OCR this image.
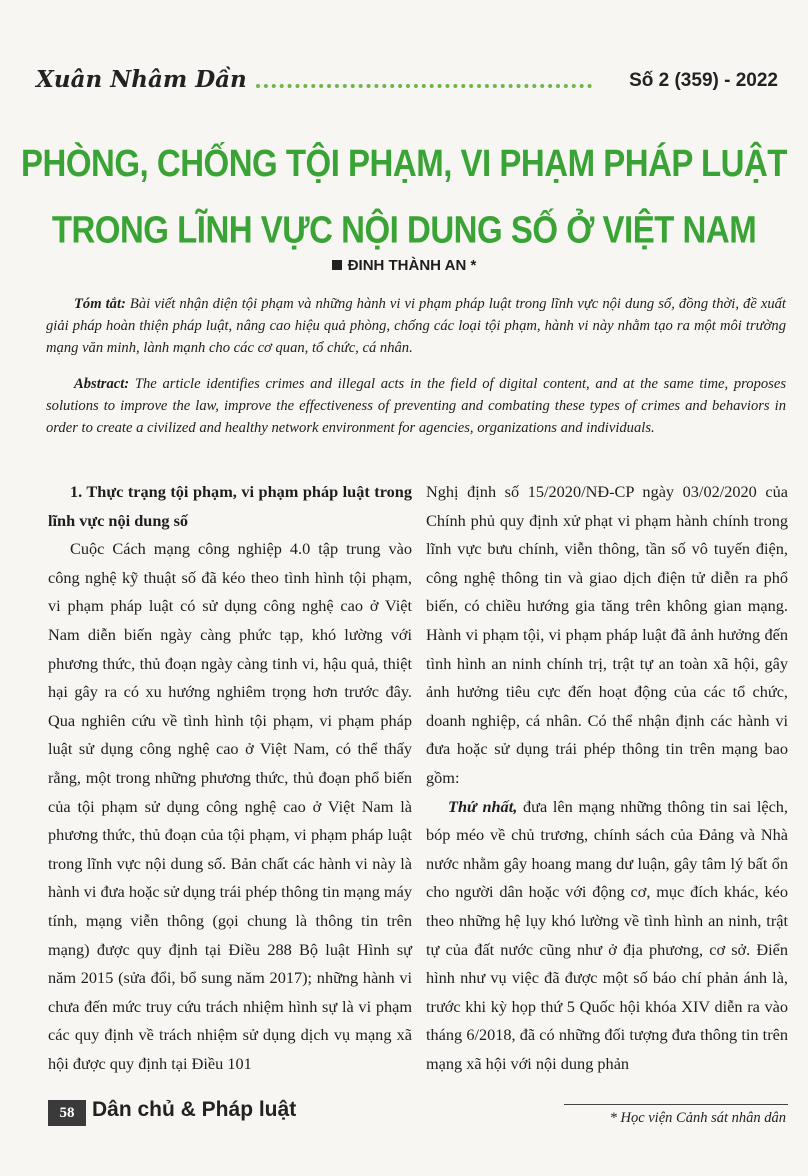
Xuân Nhâm Dần	Số 2 (359) - 2022
PHÒNG, CHỐNG TỘI PHẠM, VI PHẠM PHÁP LUẬT
TRONG LĨNH VỰC NỘI DUNG SỐ Ở VIỆT NAM
ĐINH THÀNH AN *

Tóm tắt: Bài viết nhận diện tội phạm và những hành vi vi phạm pháp luật trong lĩnh vực nội dung số, đồng thời, đề xuất giải pháp hoàn thiện pháp luật, nâng cao hiệu quả phòng, chống các loại tội phạm, hành vi này nhằm tạo ra một môi trường mạng văn minh, lành mạnh cho các cơ quan, tổ chức, cá nhân.

Abstract: The article identifies crimes and illegal acts in the field of digital content, and at the same time, proposes solutions to improve the law, improve the effectiveness of preventing and combating these types of crimes and behaviors in order to create a civilized and healthy network environment for agencies, organizations and individuals.

1. Thực trạng tội phạm, vi phạm pháp luật trong lĩnh vực nội dung số

Cuộc Cách mạng công nghiệp 4.0 tập trung vào công nghệ kỹ thuật số đã kéo theo tình hình tội phạm, vi phạm pháp luật có sử dụng công nghệ cao ở Việt Nam diễn biến ngày càng phức tạp, khó lường với phương thức, thủ đoạn ngày càng tinh vi, hậu quả, thiệt hại gây ra có xu hướng nghiêm trọng hơn trước đây. Qua nghiên cứu về tình hình tội phạm, vi phạm pháp luật sử dụng công nghệ cao ở Việt Nam, có thể thấy rằng, một trong những phương thức, thủ đoạn phổ biến của tội phạm sử dụng công nghệ cao ở Việt Nam là phương thức, thủ đoạn của tội phạm, vi phạm pháp luật trong lĩnh vực nội dung số. Bản chất các hành vi này là hành vi đưa hoặc sử dụng trái phép thông tin mạng máy tính, mạng viễn thông (gọi chung là thông tin trên mạng) được quy định tại Điều 288 Bộ luật Hình sự năm 2015 (sửa đổi, bổ sung năm 2017); những hành vi chưa đến mức truy cứu trách nhiệm hình sự là vi phạm các quy định về trách nhiệm sử dụng dịch vụ mạng xã hội được quy định tại Điều 101

Nghị định số 15/2020/NĐ-CP ngày 03/02/2020 của Chính phủ quy định xử phạt vi phạm hành chính trong lĩnh vực bưu chính, viễn thông, tần số vô tuyến điện, công nghệ thông tin và giao dịch điện tử diễn ra phổ biến, có chiều hướng gia tăng trên không gian mạng. Hành vi phạm tội, vi phạm pháp luật đã ảnh hưởng đến tình hình an ninh chính trị, trật tự an toàn xã hội, gây ảnh hưởng tiêu cực đến hoạt động của các tổ chức, doanh nghiệp, cá nhân. Có thể nhận định các hành vi đưa hoặc sử dụng trái phép thông tin trên mạng bao gồm:

Thứ nhất, đưa lên mạng những thông tin sai lệch, bóp méo về chủ trương, chính sách của Đảng và Nhà nước nhằm gây hoang mang dư luận, gây tâm lý bất ổn cho người dân hoặc với động cơ, mục đích khác, kéo theo những hệ lụy khó lường về tình hình an ninh, trật tự của đất nước cũng như ở địa phương, cơ sở. Điển hình như vụ việc đã được một số báo chí phản ánh là, trước khi kỳ họp thứ 5 Quốc hội khóa XIV diễn ra vào tháng 6/2018, đã có những đối tượng đưa thông tin trên mạng xã hội với nội dung phản

58 Dân chủ & Pháp luật	* Học viện Cảnh sát nhân dân
